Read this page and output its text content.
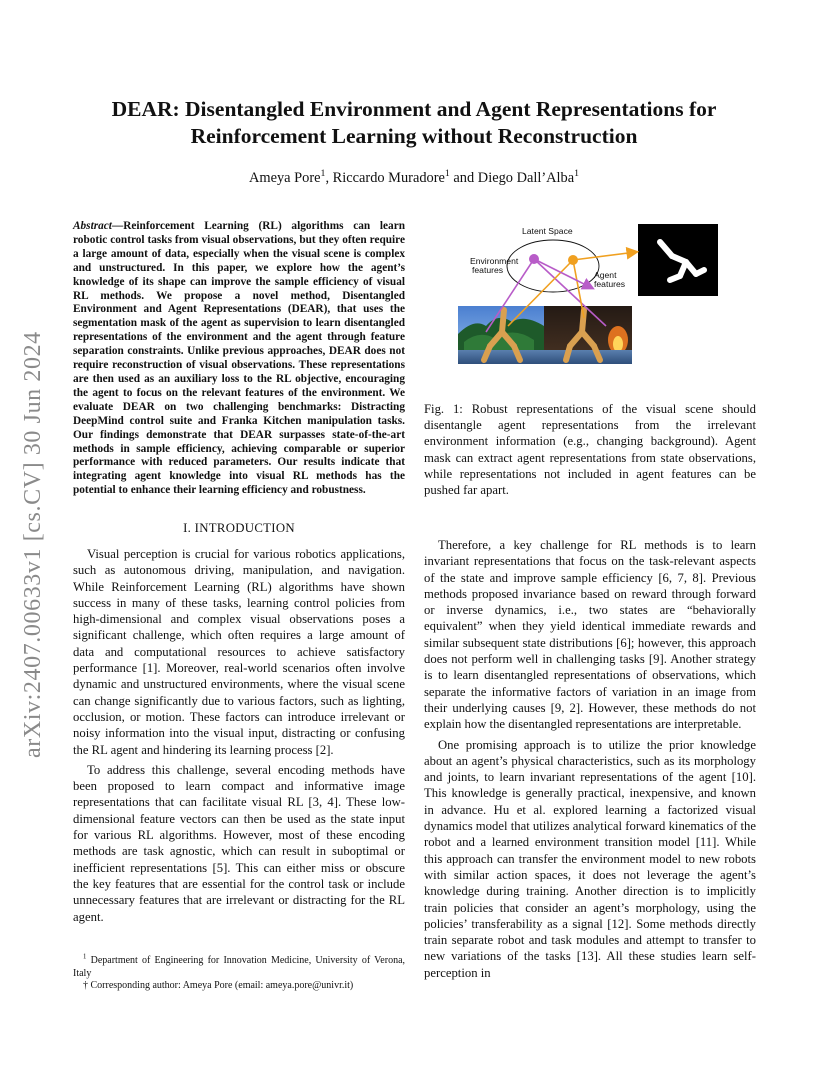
arXiv:2407.00633v1 [cs.CV] 30 Jun 2024
DEAR: Disentangled Environment and Agent Representations for
Reinforcement Learning without Reconstruction
Ameya Pore$^1$, Riccardo Muradore$^1$ and Diego Dall’Alba$^1$

Abstract—Reinforcement Learning (RL) algorithms can learn robotic control tasks from visual observations, but they often require a large amount of data, especially when the visual scene is complex and unstructured. In this paper, we explore how the agent’s knowledge of its shape can improve the sample efficiency of visual RL methods. We propose a novel method, Disentangled Environment and Agent Representations (DEAR), that uses the segmentation mask of the agent as supervision to learn disentangled representations of the environment and the agent through feature separation constraints. Unlike previous approaches, DEAR does not require reconstruction of visual observations. These representations are then used as an auxiliary loss to the RL objective, encouraging the agent to focus on the relevant features of the environment. We evaluate DEAR on two challenging benchmarks: Distracting DeepMind control suite and Franka Kitchen manipulation tasks. Our findings demonstrate that DEAR surpasses state-of-the-art methods in sample efficiency, achieving comparable or superior performance with reduced parameters. Our results indicate that integrating agent knowledge into visual RL methods has the potential to enhance their learning efficiency and robustness.

I. INTRODUCTION

Visual perception is crucial for various robotics applications, such as autonomous driving, manipulation, and navigation. While Reinforcement Learning (RL) algorithms have shown success in many of these tasks, learning control policies from high-dimensional and complex visual observations poses a significant challenge, which often requires a large amount of data and computational resources to achieve satisfactory performance [1]. Moreover, real-world scenarios often involve dynamic and unstructured environments, where the visual scene can change significantly due to various factors, such as lighting, occlusion, or motion. These factors can introduce irrelevant or noisy information into the visual input, distracting or confusing the RL agent and hindering its learning process [2].

To address this challenge, several encoding methods have been proposed to learn compact and informative image representations that can facilitate visual RL [3, 4]. These low-dimensional feature vectors can then be used as the state input for various RL algorithms. However, most of these encoding methods are task agnostic, which can result in suboptimal or inefficient representations [5]. This can either miss or obscure the key features that are essential for the control task or include unnecessary features that are irrelevant or distracting for the RL agent.

$^1$ Department of Engineering for Innovation Medicine, University of Verona, Italy

† Corresponding author: Ameya Pore (email: ameya.pore@univr.it)

Latent Space
Environment
features	Agent
features

Fig. 1: Robust representations of the visual scene should disentangle agent representations from the irrelevant environment information (e.g., changing background). Agent mask can extract agent representations from state observations, while representations not included in agent features can be pushed far apart.

Therefore, a key challenge for RL methods is to learn invariant representations that focus on the task-relevant aspects of the state and improve sample efficiency [6, 7, 8]. Previous methods proposed invariance based on reward through forward or inverse dynamics, i.e., two states are “behaviorally equivalent” when they yield identical immediate rewards and similar subsequent state distributions [6]; however, this approach does not perform well in challenging tasks [9]. Another strategy is to learn disentangled representations of observations, which separate the informative factors of variation in an image from their underlying causes [9, 2]. However, these methods do not explain how the disentangled representations are interpretable.

One promising approach is to utilize the prior knowledge about an agent’s physical characteristics, such as its morphology and joints, to learn invariant representations of the agent [10]. This knowledge is generally practical, inexpensive, and known in advance. Hu et al. explored learning a factorized visual dynamics model that utilizes analytical forward kinematics of the robot and a learned environment transition model [11]. While this approach can transfer the environment model to new robots with similar action spaces, it does not leverage the agent’s knowledge during training. Another direction is to implicitly train policies that consider an agent’s morphology, using the policies’ transferability as a signal [12]. Some methods directly train separate robot and task modules and attempt to transfer to new variations of the tasks [13]. All these studies learn self-perception in
